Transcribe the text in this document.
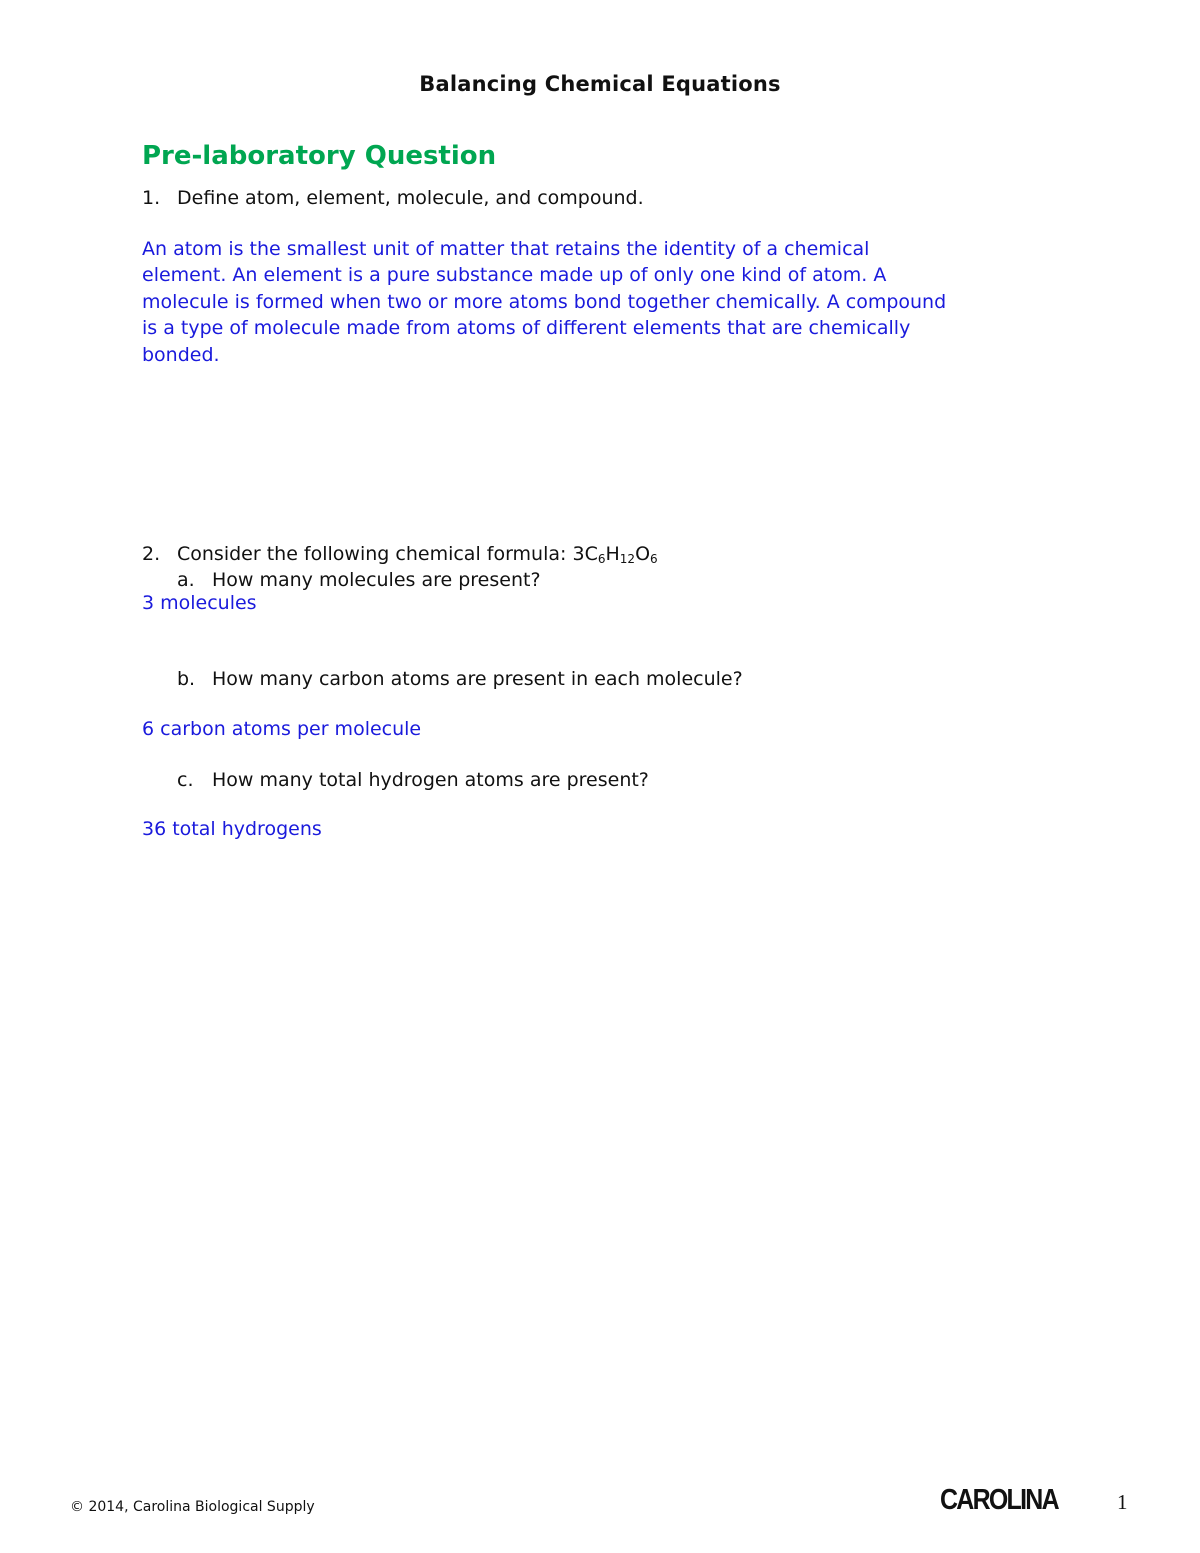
Balancing Chemical Equations
Pre-laboratory Question
1. Define atom, element, molecule, and compound.
An atom is the smallest unit of matter that retains the identity of a chemical
element. An element is a pure substance made up of only one kind of atom. A
molecule is formed when two or more atoms bond together chemically. A compound
is a type of molecule made from atoms of different elements that are chemically
bonded.
2. Consider the following chemical formula: $3C_6H_{12}O_6$
a. How many molecules are present?
3 molecules
b. How many carbon atoms are present in each molecule?
6 carbon atoms per molecule
c. How many total hydrogen atoms are present?
36 total hydrogens
© 2014, Carolina Biological Supply	CAROLINA	1
